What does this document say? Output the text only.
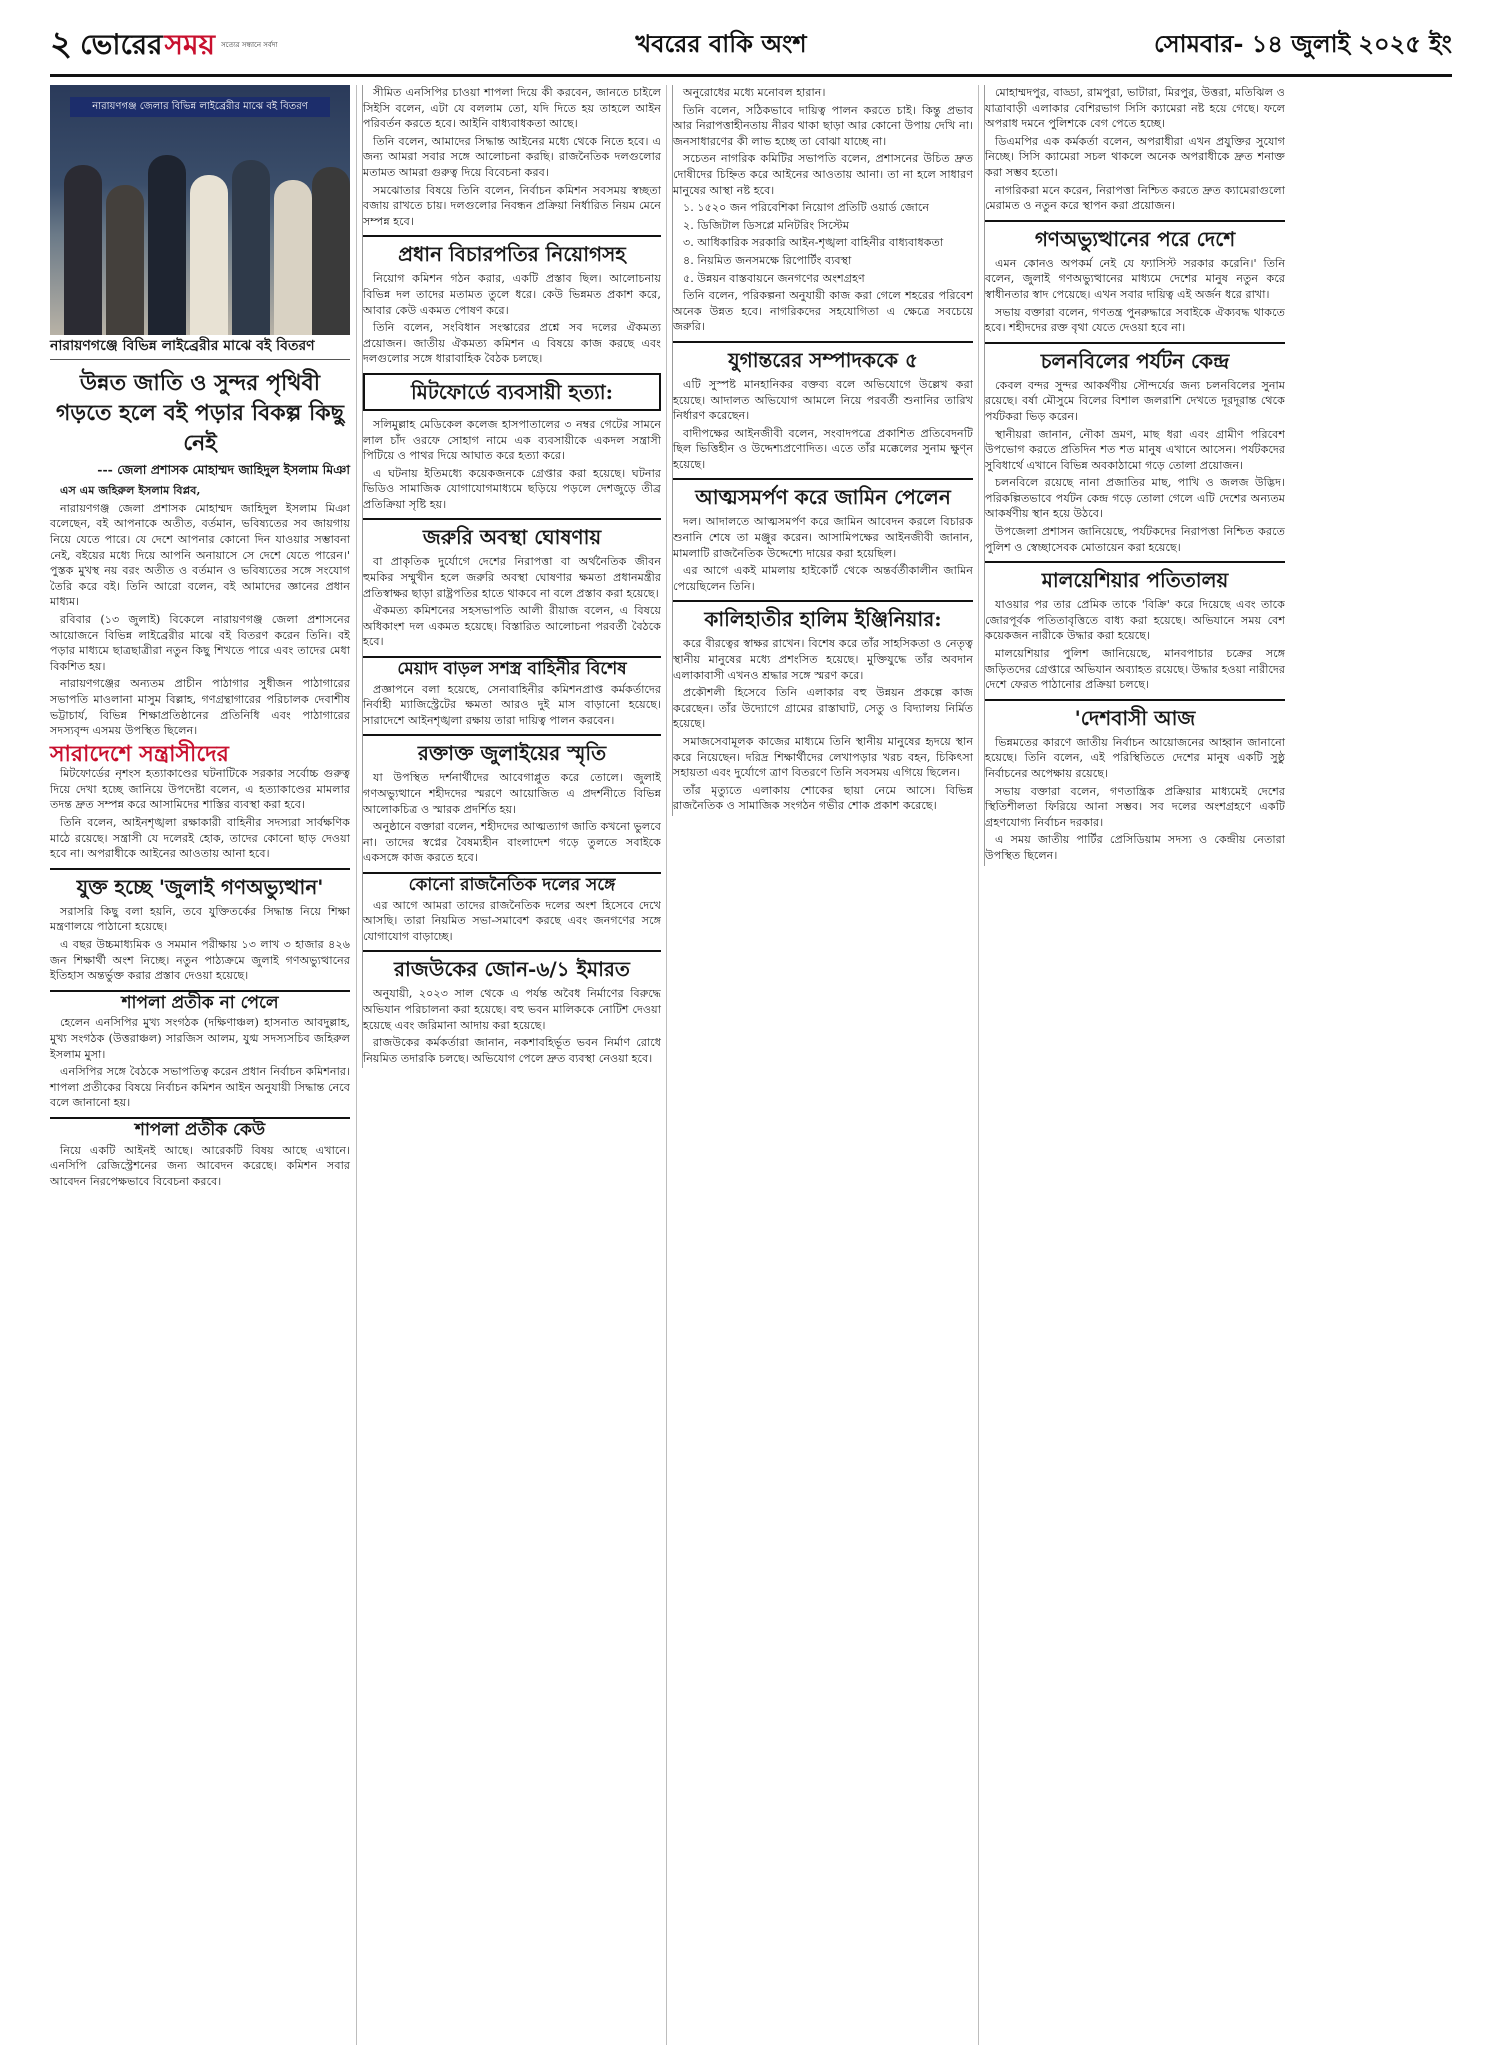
২ ভোরের সময় সত্যের সন্ধানে সর্বদা	খবরের বাকি অংশ	সোমবার- ১৪ জুলাই ২০২৫ ইং
নারায়ণগঞ্জ জেলার বিভিন্ন লাইব্রেরীর মাঝে বই বিতরণ
নারায়ণগঞ্জে বিভিন্ন লাইব্রেরীর মাঝে বই বিতরণ
উন্নত জাতি ও সুন্দর পৃথিবী গড়তে হলে বই পড়ার বিকল্প কিছু নেই
--- জেলা প্রশাসক মোহাম্মদ জাহিদুল ইসলাম মিঞা

এস এম জহিরুল ইসলাম বিপ্লব,

নারায়ণগঞ্জ জেলা প্রশাসক মোহাম্মদ জাহিদুল ইসলাম মিঞা বলেছেন, বই আপনাকে অতীত, বর্তমান, ভবিষ্যতের সব জায়গায় নিয়ে যেতে পারে। যে দেশে আপনার কোনো দিন যাওয়ার সম্ভাবনা নেই, বইয়ের মধ্যে দিয়ে আপনি অনায়াসে সে দেশে যেতে পারেন।' পুস্তক মুখস্থ নয় বরং অতীত ও বর্তমান ও ভবিষ্যতের সঙ্গে সংযোগ তৈরি করে বই। তিনি আরো বলেন, বই আমাদের জ্ঞানের প্রধান মাধ্যম।

রবিবার (১৩ জুলাই) বিকেলে নারায়ণগঞ্জ জেলা প্রশাসনের আয়োজনে বিভিন্ন লাইব্রেরীর মাঝে বই বিতরণ করেন তিনি। বই পড়ার মাধ্যমে ছাত্রছাত্রীরা নতুন কিছু শিখতে পারে এবং তাদের মেধা বিকশিত হয়।

নারায়ণগঞ্জের অন্যতম প্রাচীন পাঠাগার সুধীজন পাঠাগারের সভাপতি মাওলানা মাসুম বিল্লাহ, গণগ্রন্থাগারের পরিচালক দেবাশীষ ভট্টাচার্য, বিভিন্ন শিক্ষাপ্রতিষ্ঠানের প্রতিনিধি এবং পাঠাগারের সদস্যবৃন্দ এসময় উপস্থিত ছিলেন।

সারাদেশে সন্ত্রাসীদের

মিটফোর্ডের নৃশংস হত্যাকাণ্ডের ঘটনাটিকে সরকার সর্বোচ্চ গুরুত্ব দিয়ে দেখা হচ্ছে জানিয়ে উপদেষ্টা বলেন, এ হত্যাকাণ্ডের মামলার তদন্ত দ্রুত সম্পন্ন করে আসামিদের শাস্তির ব্যবস্থা করা হবে।

তিনি বলেন, আইনশৃঙ্খলা রক্ষাকারী বাহিনীর সদস্যরা সার্বক্ষণিক মাঠে রয়েছে। সন্ত্রাসী যে দলেরই হোক, তাদের কোনো ছাড় দেওয়া হবে না। অপরাধীকে আইনের আওতায় আনা হবে।

যুক্ত হচ্ছে 'জুলাই গণঅভ্যুত্থান'

সরাসরি কিছু বলা হয়নি, তবে যুক্তিতর্কের সিদ্ধান্ত নিয়ে শিক্ষা মন্ত্রণালয়ে পাঠানো হয়েছে।

এ বছর উচ্চমাধ্যমিক ও সমমান পরীক্ষায় ১৩ লাখ ৩ হাজার ৪২৬ জন শিক্ষার্থী অংশ নিচ্ছে। নতুন পাঠ্যক্রমে জুলাই গণঅভ্যুত্থানের ইতিহাস অন্তর্ভুক্ত করার প্রস্তাব দেওয়া হয়েছে।

শাপলা প্রতীক না পেলে

হেলেন এনসিপির মুখ্য সংগঠক (দক্ষিণাঞ্চল) হাসনাত আবদুল্লাহ, মুখ্য সংগঠক (উত্তরাঞ্চল) সারজিস আলম, যুগ্ম সদস্যসচিব জহিরুল ইসলাম মুসা।

এনসিপির সঙ্গে বৈঠকে সভাপতিত্ব করেন প্রধান নির্বাচন কমিশনার। শাপলা প্রতীকের বিষয়ে নির্বাচন কমিশন আইন অনুযায়ী সিদ্ধান্ত নেবে বলে জানানো হয়।

শাপলা প্রতীক কেউ

নিয়ে একটি আইনই আছে। আরেকটি বিষয় আছে এখানে। এনসিপি রেজিস্ট্রেশনের জন্য আবেদন করেছে। কমিশন সবার আবেদন নিরপেক্ষভাবে বিবেচনা করবে।

সীমিত এনসিপির চাওয়া শাপলা দিয়ে কী করবেন, জানতে চাইলে সিইসি বলেন, এটা যে বললাম তো, যদি দিতে হয় তাহলে আইন পরিবর্তন করতে হবে। আইনি বাধ্যবাধকতা আছে।

তিনি বলেন, আমাদের সিদ্ধান্ত আইনের মধ্যে থেকে নিতে হবে। এ জন্য আমরা সবার সঙ্গে আলোচনা করছি। রাজনৈতিক দলগুলোর মতামত আমরা গুরুত্ব দিয়ে বিবেচনা করব।

সমঝোতার বিষয়ে তিনি বলেন, নির্বাচন কমিশন সবসময় স্বচ্ছতা বজায় রাখতে চায়। দলগুলোর নিবন্ধন প্রক্রিয়া নির্ধারিত নিয়ম মেনে সম্পন্ন হবে।

প্রধান বিচারপতির নিয়োগসহ

নিয়োগ কমিশন গঠন করার, একটি প্রস্তাব ছিল। আলোচনায় বিভিন্ন দল তাদের মতামত তুলে ধরে। কেউ ভিন্নমত প্রকাশ করে, আবার কেউ একমত পোষণ করে।

তিনি বলেন, সংবিধান সংস্কারের প্রশ্নে সব দলের ঐকমত্য প্রয়োজন। জাতীয় ঐকমত্য কমিশন এ বিষয়ে কাজ করছে এবং দলগুলোর সঙ্গে ধারাবাহিক বৈঠক চলছে।

মিটফোর্ডে ব্যবসায়ী হত্যা:

সলিমুল্লাহ মেডিকেল কলেজ হাসপাতালের ৩ নম্বর গেটের সামনে লাল চাঁদ ওরফে সোহাগ নামে এক ব্যবসায়ীকে একদল সন্ত্রাসী পিটিয়ে ও পাথর দিয়ে আঘাত করে হত্যা করে।

এ ঘটনায় ইতিমধ্যে কয়েকজনকে গ্রেপ্তার করা হয়েছে। ঘটনার ভিডিও সামাজিক যোগাযোগমাধ্যমে ছড়িয়ে পড়লে দেশজুড়ে তীব্র প্রতিক্রিয়া সৃষ্টি হয়।

জরুরি অবস্থা ঘোষণায়

বা প্রাকৃতিক দুর্যোগে দেশের নিরাপত্তা বা অর্থনৈতিক জীবন হুমকির সম্মুখীন হলে জরুরি অবস্থা ঘোষণার ক্ষমতা প্রধানমন্ত্রীর প্রতিস্বাক্ষর ছাড়া রাষ্ট্রপতির হাতে থাকবে না বলে প্রস্তাব করা হয়েছে।

ঐকমত্য কমিশনের সহসভাপতি আলী রীয়াজ বলেন, এ বিষয়ে অধিকাংশ দল একমত হয়েছে। বিস্তারিত আলোচনা পরবর্তী বৈঠকে হবে।

মেয়াদ বাড়ল সশস্ত্র বাহিনীর বিশেষ

প্রজ্ঞাপনে বলা হয়েছে, সেনাবাহিনীর কমিশনপ্রাপ্ত কর্মকর্তাদের নির্বাহী ম্যাজিস্ট্রেটের ক্ষমতা আরও দুই মাস বাড়ানো হয়েছে। সারাদেশে আইনশৃঙ্খলা রক্ষায় তারা দায়িত্ব পালন করবেন।

রক্তাক্ত জুলাইয়ের স্মৃতি

যা উপস্থিত দর্শনার্থীদের আবেগাপ্লুত করে তোলে। জুলাই গণঅভ্যুত্থানে শহীদদের স্মরণে আয়োজিত এ প্রদর্শনীতে বিভিন্ন আলোকচিত্র ও স্মারক প্রদর্শিত হয়।

অনুষ্ঠানে বক্তারা বলেন, শহীদদের আত্মত্যাগ জাতি কখনো ভুলবে না। তাদের স্বপ্নের বৈষম্যহীন বাংলাদেশ গড়ে তুলতে সবাইকে একসঙ্গে কাজ করতে হবে।

কোনো রাজনৈতিক দলের সঙ্গে

এর আগে আমরা তাদের রাজনৈতিক দলের অংশ হিসেবে দেখে আসছি। তারা নিয়মিত সভা-সমাবেশ করছে এবং জনগণের সঙ্গে যোগাযোগ বাড়াচ্ছে।

রাজউকের জোন-৬/১ ইমারত

অনুযায়ী, ২০২৩ সাল থেকে এ পর্যন্ত অবৈধ নির্মাণের বিরুদ্ধে অভিযান পরিচালনা করা হয়েছে। বহু ভবন মালিককে নোটিশ দেওয়া হয়েছে এবং জরিমানা আদায় করা হয়েছে।

রাজউকের কর্মকর্তারা জানান, নকশাবহির্ভূত ভবন নির্মাণ রোধে নিয়মিত তদারকি চলছে। অভিযোগ পেলে দ্রুত ব্যবস্থা নেওয়া হবে।

অনুরোধের মধ্যে মনোবল হারান।

তিনি বলেন, সঠিকভাবে দায়িত্ব পালন করতে চাই। কিন্তু প্রভাব আর নিরাপত্তাহীনতায় নীরব থাকা ছাড়া আর কোনো উপায় দেখি না। জনসাধারণের কী লাভ হচ্ছে তা বোঝা যাচ্ছে না।

সচেতন নাগরিক কমিটির সভাপতি বলেন, প্রশাসনের উচিত দ্রুত দোষীদের চিহ্নিত করে আইনের আওতায় আনা। তা না হলে সাধারণ মানুষের আস্থা নষ্ট হবে।

১. ১৫২০ জন পরিবেশিকা নিয়োগ প্রতিটি ওয়ার্ড জোনে

২. ডিজিটাল ডিসপ্লে মনিটরিং সিস্টেম

৩. আধিকারিক সরকারি আইন-শৃঙ্খলা বাহিনীর বাধ্যবাধকতা

৪. নিয়মিত জনসমক্ষে রিপোর্টিং ব্যবস্থা

৫. উন্নয়ন বাস্তবায়নে জনগণের অংশগ্রহণ

তিনি বলেন, পরিকল্পনা অনুযায়ী কাজ করা গেলে শহরের পরিবেশ অনেক উন্নত হবে। নাগরিকদের সহযোগিতা এ ক্ষেত্রে সবচেয়ে জরুরি।

যুগান্তরের সম্পাদককে ৫

এটি সুস্পষ্ট মানহানিকর বক্তব্য বলে অভিযোগে উল্লেখ করা হয়েছে। আদালত অভিযোগ আমলে নিয়ে পরবর্তী শুনানির তারিখ নির্ধারণ করেছেন।

বাদীপক্ষের আইনজীবী বলেন, সংবাদপত্রে প্রকাশিত প্রতিবেদনটি ছিল ভিত্তিহীন ও উদ্দেশ্যপ্রণোদিত। এতে তাঁর মক্কেলের সুনাম ক্ষুণ্ন হয়েছে।

আত্মসমর্পণ করে জামিন পেলেন

দল। আদালতে আত্মসমর্পণ করে জামিন আবেদন করলে বিচারক শুনানি শেষে তা মঞ্জুর করেন। আসামিপক্ষের আইনজীবী জানান, মামলাটি রাজনৈতিক উদ্দেশ্যে দায়ের করা হয়েছিল।

এর আগে একই মামলায় হাইকোর্ট থেকে অন্তর্বর্তীকালীন জামিন পেয়েছিলেন তিনি।

কালিহাতীর হালিম ইঞ্জিনিয়ার:

করে বীরত্বের স্বাক্ষর রাখেন। বিশেষ করে তাঁর সাহসিকতা ও নেতৃত্ব স্থানীয় মানুষের মধ্যে প্রশংসিত হয়েছে। মুক্তিযুদ্ধে তাঁর অবদান এলাকাবাসী এখনও শ্রদ্ধার সঙ্গে স্মরণ করে।

প্রকৌশলী হিসেবে তিনি এলাকার বহু উন্নয়ন প্রকল্পে কাজ করেছেন। তাঁর উদ্যোগে গ্রামের রাস্তাঘাট, সেতু ও বিদ্যালয় নির্মিত হয়েছে।

সমাজসেবামূলক কাজের মাধ্যমে তিনি স্থানীয় মানুষের হৃদয়ে স্থান করে নিয়েছেন। দরিদ্র শিক্ষার্থীদের লেখাপড়ার খরচ বহন, চিকিৎসা সহায়তা এবং দুর্যোগে ত্রাণ বিতরণে তিনি সবসময় এগিয়ে ছিলেন।

তাঁর মৃত্যুতে এলাকায় শোকের ছায়া নেমে আসে। বিভিন্ন রাজনৈতিক ও সামাজিক সংগঠন গভীর শোক প্রকাশ করেছে।

মোহাম্মদপুর, বাড্ডা, রামপুরা, ভাটারা, মিরপুর, উত্তরা, মতিঝিল ও যাত্রাবাড়ী এলাকার বেশিরভাগ সিসি ক্যামেরা নষ্ট হয়ে গেছে। ফলে অপরাধ দমনে পুলিশকে বেগ পেতে হচ্ছে।

ডিএমপির এক কর্মকর্তা বলেন, অপরাধীরা এখন প্রযুক্তির সুযোগ নিচ্ছে। সিসি ক্যামেরা সচল থাকলে অনেক অপরাধীকে দ্রুত শনাক্ত করা সম্ভব হতো।

নাগরিকরা মনে করেন, নিরাপত্তা নিশ্চিত করতে দ্রুত ক্যামেরাগুলো মেরামত ও নতুন করে স্থাপন করা প্রয়োজন।

গণঅভ্যুত্থানের পরে দেশে

এমন কোনও অপকর্ম নেই যে ফ্যাসিস্ট সরকার করেনি।' তিনি বলেন, জুলাই গণঅভ্যুত্থানের মাধ্যমে দেশের মানুষ নতুন করে স্বাধীনতার স্বাদ পেয়েছে। এখন সবার দায়িত্ব এই অর্জন ধরে রাখা।

সভায় বক্তারা বলেন, গণতন্ত্র পুনরুদ্ধারে সবাইকে ঐক্যবদ্ধ থাকতে হবে। শহীদদের রক্ত বৃথা যেতে দেওয়া হবে না।

চলনবিলের পর্যটন কেন্দ্র

কেবল বন্দর সুন্দর আকর্ষণীয় সৌন্দর্যের জন্য চলনবিলের সুনাম রয়েছে। বর্ষা মৌসুমে বিলের বিশাল জলরাশি দেখতে দূরদূরান্ত থেকে পর্যটকরা ভিড় করেন।

স্থানীয়রা জানান, নৌকা ভ্রমণ, মাছ ধরা এবং গ্রামীণ পরিবেশ উপভোগ করতে প্রতিদিন শত শত মানুষ এখানে আসেন। পর্যটকদের সুবিধার্থে এখানে বিভিন্ন অবকাঠামো গড়ে তোলা প্রয়োজন।

চলনবিলে রয়েছে নানা প্রজাতির মাছ, পাখি ও জলজ উদ্ভিদ। পরিকল্পিতভাবে পর্যটন কেন্দ্র গড়ে তোলা গেলে এটি দেশের অন্যতম আকর্ষণীয় স্থান হয়ে উঠবে।

উপজেলা প্রশাসন জানিয়েছে, পর্যটকদের নিরাপত্তা নিশ্চিত করতে পুলিশ ও স্বেচ্ছাসেবক মোতায়েন করা হয়েছে।

মালয়েশিয়ার পতিতালয়

যাওয়ার পর তার প্রেমিক তাকে 'বিক্রি' করে দিয়েছে এবং তাকে জোরপূর্বক পতিতাবৃত্তিতে বাধ্য করা হয়েছে। অভিযানে সময় বেশ কয়েকজন নারীকে উদ্ধার করা হয়েছে।

মালয়েশিয়ার পুলিশ জানিয়েছে, মানবপাচার চক্রের সঙ্গে জড়িতদের গ্রেপ্তারে অভিযান অব্যাহত রয়েছে। উদ্ধার হওয়া নারীদের দেশে ফেরত পাঠানোর প্রক্রিয়া চলছে।

'দেশবাসী আজ

ভিন্নমতের কারণে জাতীয় নির্বাচন আয়োজনের আহ্বান জানানো হয়েছে। তিনি বলেন, এই পরিস্থিতিতে দেশের মানুষ একটি সুষ্ঠু নির্বাচনের অপেক্ষায় রয়েছে।

সভায় বক্তারা বলেন, গণতান্ত্রিক প্রক্রিয়ার মাধ্যমেই দেশের স্থিতিশীলতা ফিরিয়ে আনা সম্ভব। সব দলের অংশগ্রহণে একটি গ্রহণযোগ্য নির্বাচন দরকার।

এ সময় জাতীয় পার্টির প্রেসিডিয়াম সদস্য ও কেন্দ্রীয় নেতারা উপস্থিত ছিলেন।
